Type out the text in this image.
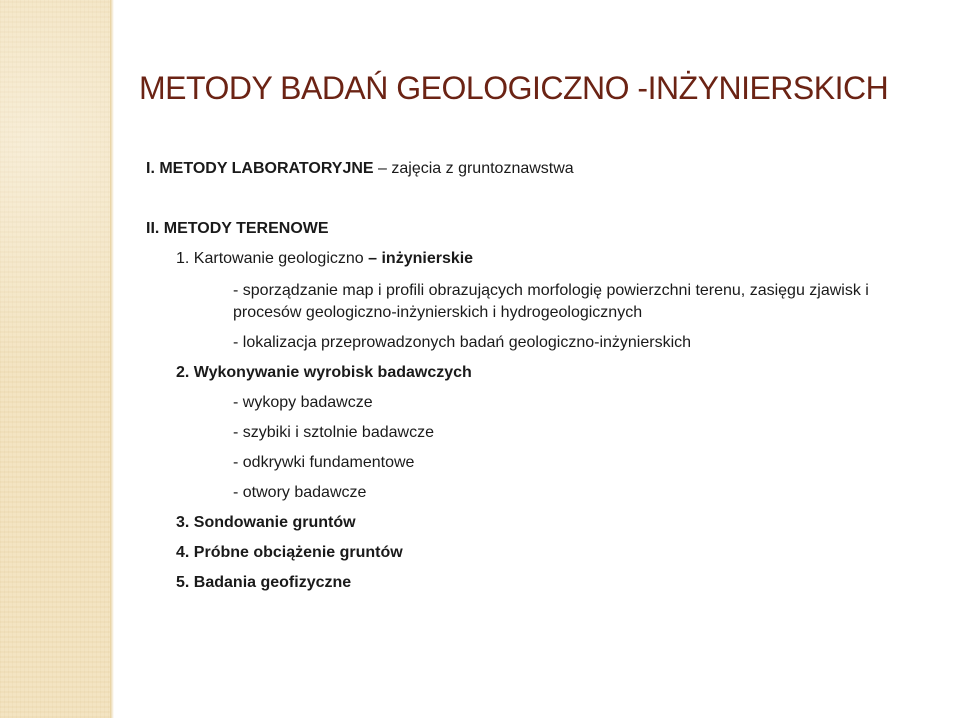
METODY BADAŃ GEOLOGICZNO -INŻYNIERSKICH
I. METODY LABORATORYJNE – zajęcia z gruntoznawstwa
II. METODY TERENOWE
1. Kartowanie geologiczno – inżynierskie
- sporządzanie map i profili obrazujących morfologię powierzchni terenu, zasięgu zjawisk i
procesów geologiczno-inżynierskich i hydrogeologicznych
- lokalizacja przeprowadzonych badań geologiczno-inżynierskich
2. Wykonywanie wyrobisk badawczych
- wykopy badawcze
- szybiki i sztolnie badawcze
- odkrywki fundamentowe
- otwory badawcze
3. Sondowanie gruntów
4. Próbne obciążenie gruntów
5. Badania geofizyczne
